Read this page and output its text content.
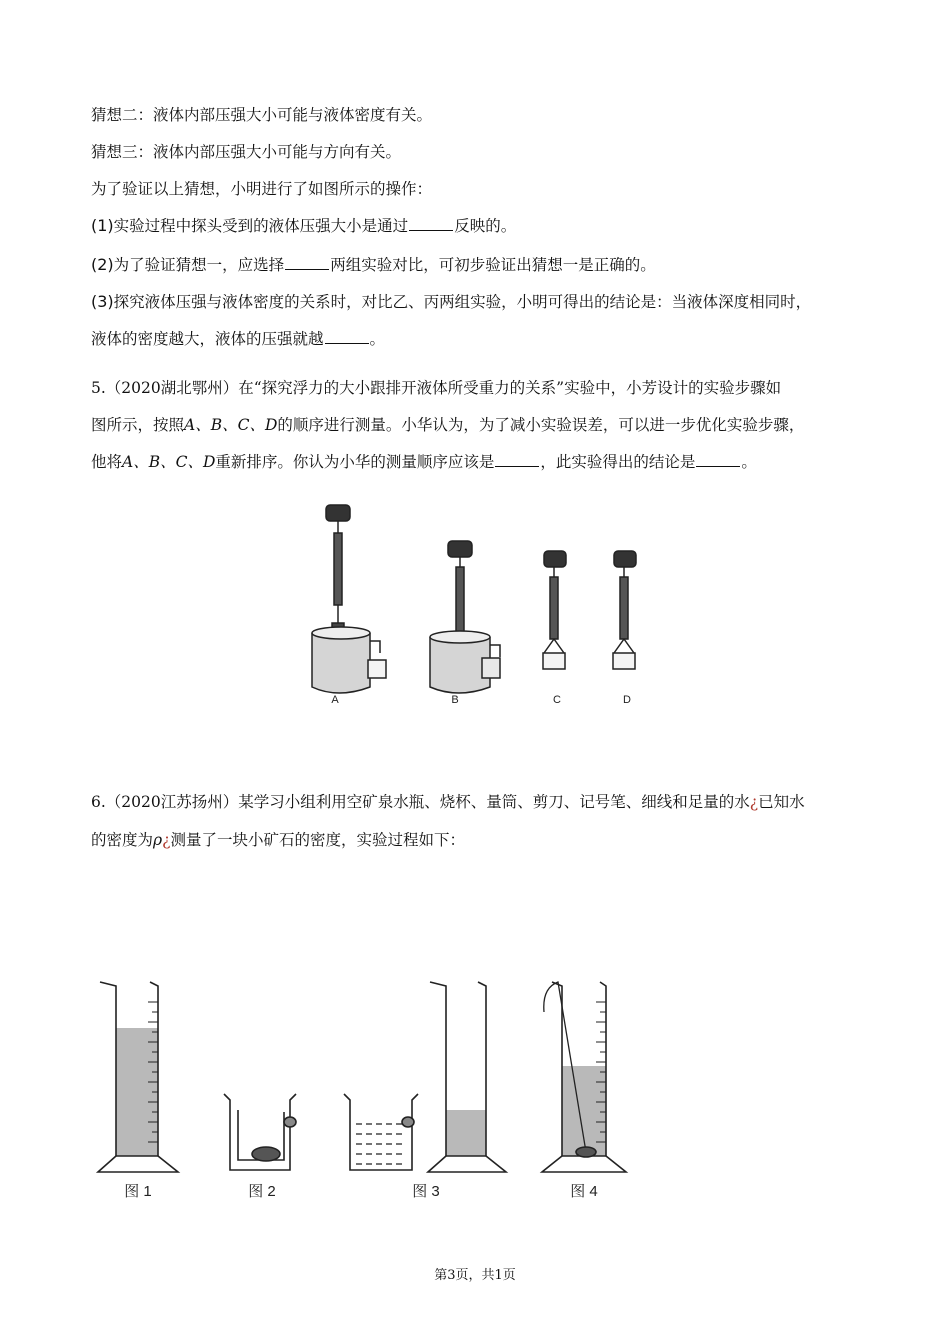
猜想二：液体内部压强大小可能与液体密度有关。
猜想三：液体内部压强大小可能与方向有关。
为了验证以上猜想，小明进行了如图所示的操作：
(1)实验过程中探头受到的液体压强大小是通过	反映的。
(2)为了验证猜想一，应选择	两组实验对比，可初步验证出猜想一是正确的。
(3)探究液体压强与液体密度的关系时，对比乙、丙两组实验，小明可得出的结论是：当液体深度相同时，
液体的密度越大，液体的压强就越	。
5.（2020湖北鄂州）在“探究浮力的大小跟排开液体所受重力的关系”实验中，小芳设计的实验步骤如
图所示，按照A、B、C、D的顺序进行测量。小华认为，为了减小实验误差，可以进一步优化实验步骤，
他将A、B、C、D重新排序。你认为小华的测量顺序应该是	，此实验得出的结论是	。
A	B	C	D
6.（2020江苏扬州）某学习小组利用空矿泉水瓶、烧杯、量筒、剪刀、记号笔、细线和足量的水¿已知水
的密度为ρ¿测量了一块小矿石的密度，实验过程如下：
图 1	图 2	图 3	图 4
第3页，共1页
